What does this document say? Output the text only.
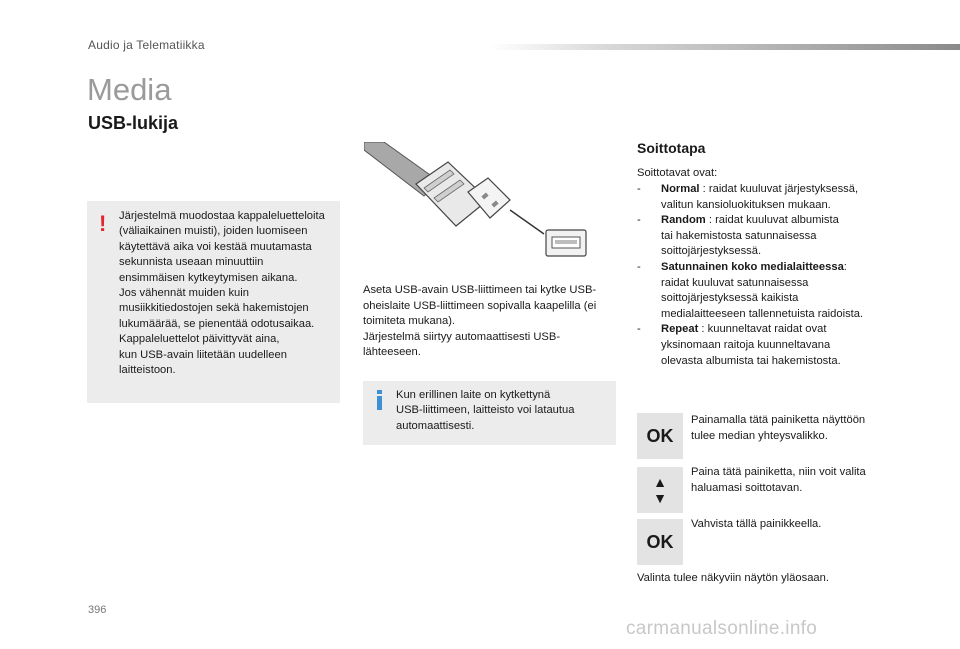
Audio ja Telematiikka
Media
USB-lukija
! Järjestelmä muodostaa kappaleluetteloita
(väliaikainen muisti), joiden luomiseen
käytettävä aika voi kestää muutamasta
sekunnista useaan minuuttiin
ensimmäisen kytkeytymisen aikana.

Jos vähennät muiden kuin
musiikkitiedostojen sekä hakemistojen
lukumäärää, se pienentää odotusaikaa.

Kappaleluettelot päivittyvät aina,
kun USB-avain liitetään uudelleen
laitteistoon.

Aseta USB-avain USB-liittimeen tai kytke USB-
oheislaite USB-liittimeen sopivalla kaapelilla (ei
toimiteta mukana).

Järjestelmä siirtyy automaattisesti USB-
lähteeseen.

Kun erillinen laite on kytkettynä
USB-liittimeen, laitteisto voi latautua
automaattisesti.
Soittotapa
Soittotavat ovat:
- Normal : raidat kuuluvat järjestyksessä,
valitun kansioluokituksen mukaan.
- Random : raidat kuuluvat albumista
tai hakemistosta satunnaisessa
soittojärjestyksessä.
- Satunnainen koko medialaitteessa:
raidat kuuluvat satunnaisessa
soittojärjestyksessä kaikista
medialaitteeseen tallennetuista raidoista.
- Repeat : kuunneltavat raidat ovat
yksinomaan raitoja kuunneltavana
olevasta albumista tai hakemistosta.
OK
Painamalla tätä painiketta näyttöön
tulee median yhteysvalikko.
▲
▼
Paina tätä painiketta, niin voit valita
haluamasi soittotavan.
OK
Vahvista tällä painikkeella.
Valinta tulee näkyviin näytön yläosaan.
396
carmanualsonline.info
